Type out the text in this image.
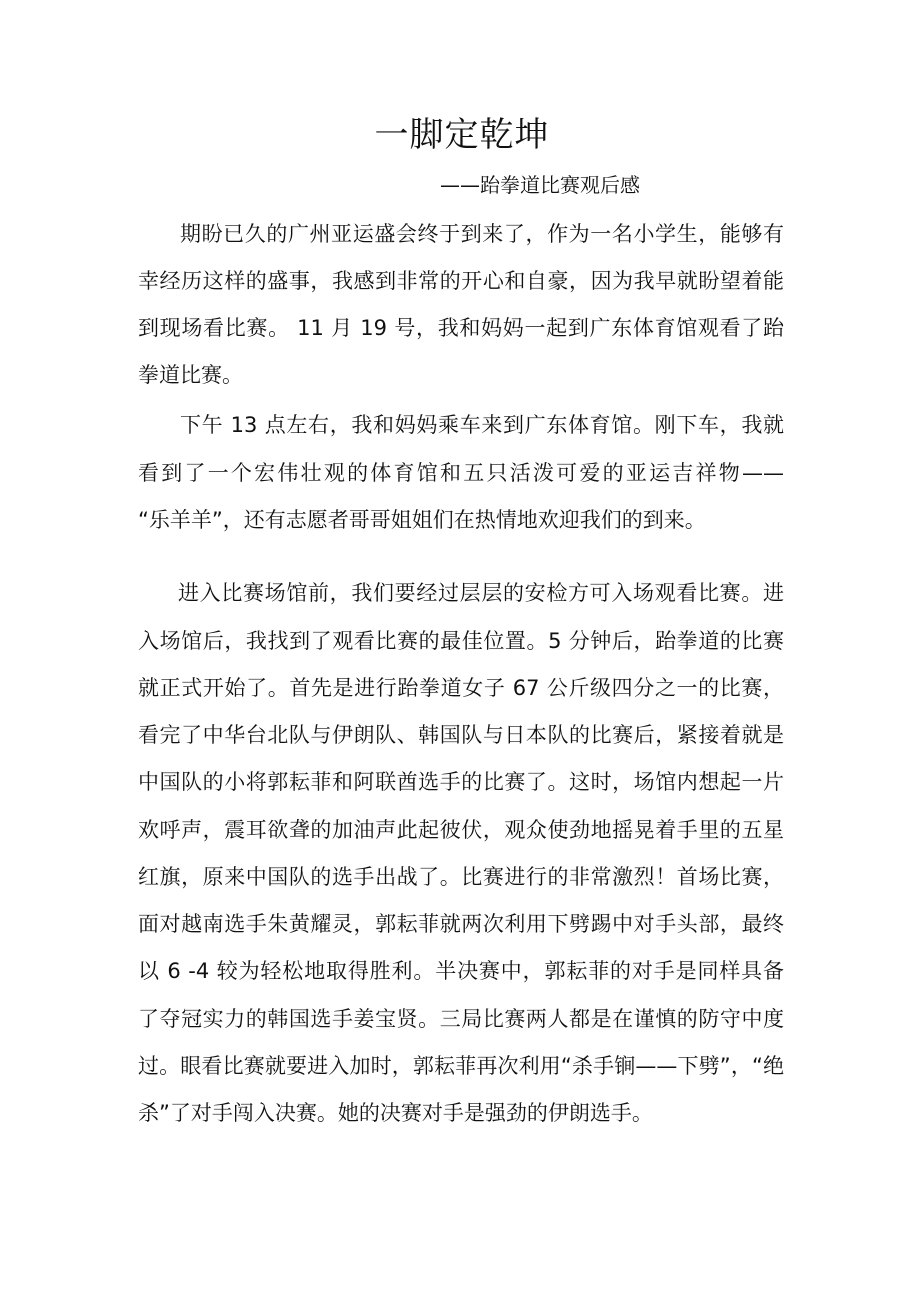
一脚定乾坤

——跆拳道比赛观后感

期盼已久的广州亚运盛会终于到来了，作为一名小学生，能够有

幸经历这样的盛事，我感到非常的开心和自豪，因为我早就盼望着能

到现场看比赛。 11 月 19 号，我和妈妈一起到广东体育馆观看了跆

拳道比赛。

下午 13 点左右，我和妈妈乘车来到广东体育馆。刚下车，我就

看到了一个宏伟壮观的体育馆和五只活泼可爱的亚运吉祥物——

“乐羊羊”，还有志愿者哥哥姐姐们在热情地欢迎我们的到来。

进入比赛场馆前，我们要经过层层的安检方可入场观看比赛。进

入场馆后，我找到了观看比赛的最佳位置。5 分钟后，跆拳道的比赛

就正式开始了。首先是进行跆拳道女子 67 公斤级四分之一的比赛，

看完了中华台北队与伊朗队、韩国队与日本队的比赛后，紧接着就是

中国队的小将郭耘菲和阿联酋选手的比赛了。这时，场馆内想起一片

欢呼声，震耳欲聋的加油声此起彼伏，观众使劲地摇晃着手里的五星

红旗，原来中国队的选手出战了。比赛进行的非常激烈！首场比赛，

面对越南选手朱黄耀灵，郭耘菲就两次利用下劈踢中对手头部，最终

以 6 -4 较为轻松地取得胜利。半决赛中，郭耘菲的对手是同样具备

了夺冠实力的韩国选手姜宝贤。三局比赛两人都是在谨慎的防守中度

过。眼看比赛就要进入加时，郭耘菲再次利用“杀手锏——下劈”，“绝

杀”了对手闯入决赛。她的决赛对手是强劲的伊朗选手。
